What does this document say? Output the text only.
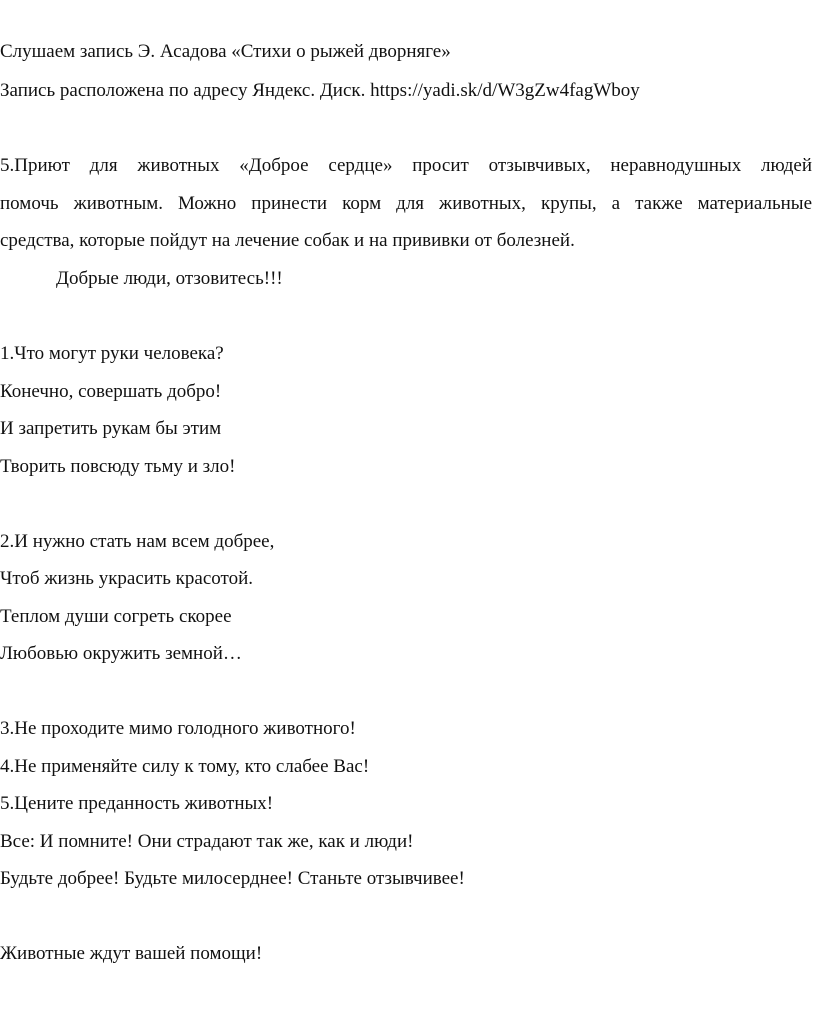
Слушаем запись Э. Асадова «Стихи о рыжей дворняге»
Запись расположена по адресу Яндекс. Диск. https://yadi.sk/d/W3gZw4fagWboy
5.Приют для животных «Доброе сердце» просит отзывчивых, неравнодушных людей
помочь животным. Можно принести корм для животных, крупы, а также материальные
средства, которые пойдут на лечение собак и на прививки от болезней.
Добрые люди, отзовитесь!!!
1.Что могут руки человека?
Конечно, совершать добро!
И запретить рукам бы этим
Творить повсюду тьму и зло!
2.И нужно стать нам всем добрее,
Чтоб жизнь украсить красотой.
Теплом души согреть скорее
Любовью окружить земной…
3.Не проходите мимо голодного животного!
4.Не применяйте силу к тому, кто слабее Вас!
5.Цените преданность животных!
Все: И помните! Они страдают так же, как и люди!
Будьте добрее! Будьте милосерднее! Станьте отзывчивее!
Животные ждут вашей помощи!
